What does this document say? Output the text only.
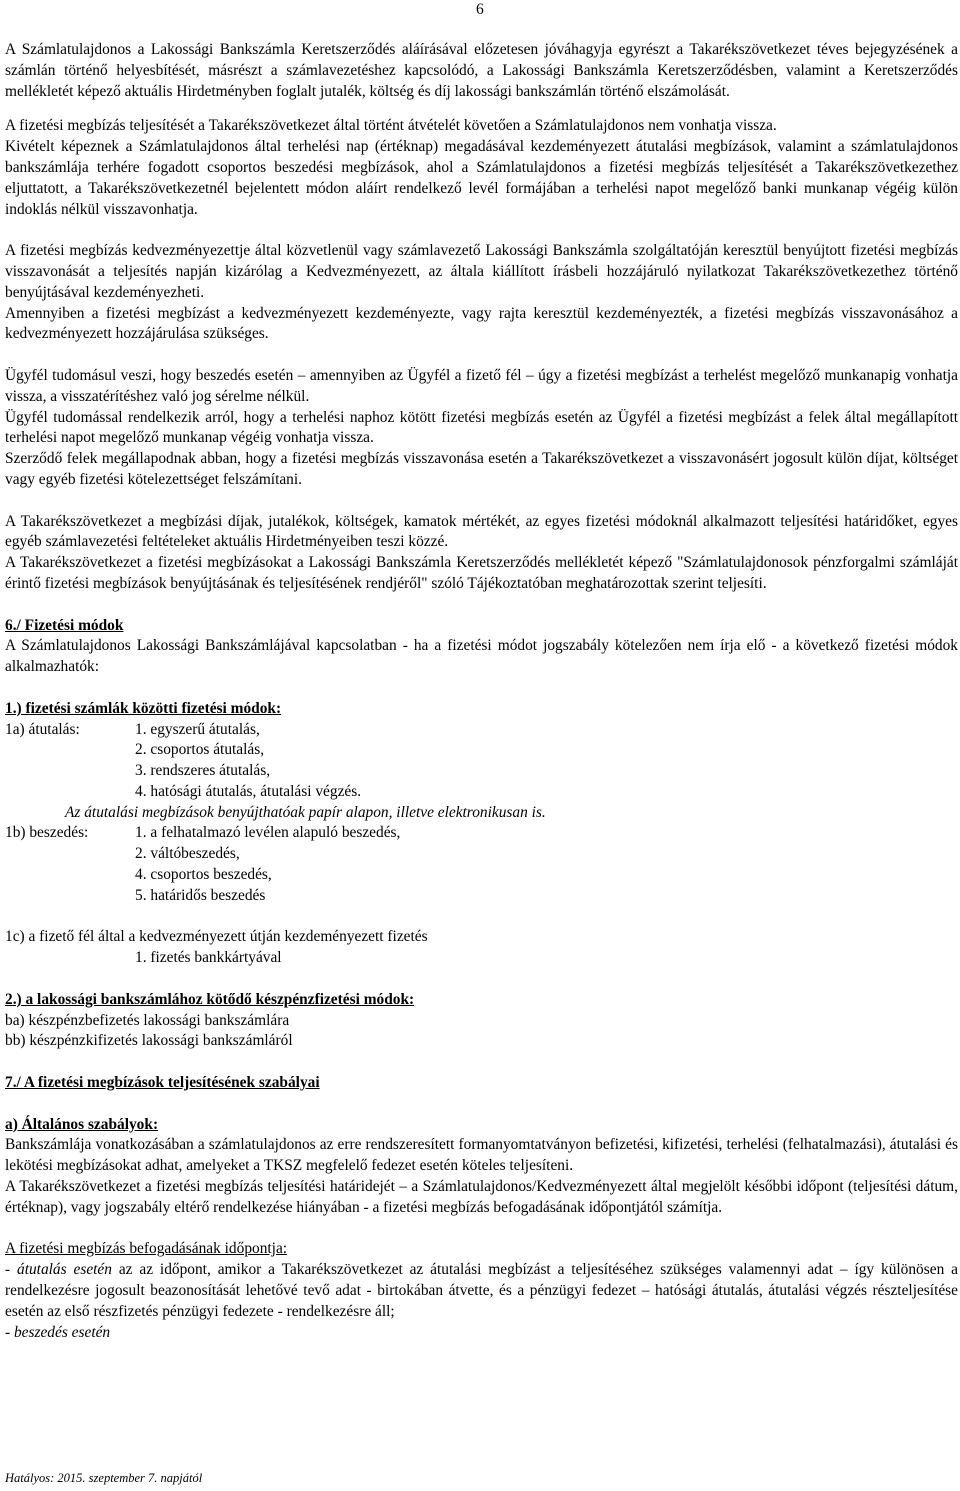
6

A Számlatulajdonos a Lakossági Bankszámla Keretszerződés aláírásával előzetesen jóváhagyja egyrészt a Takarékszövetkezet téves bejegyzésének a számlán történő helyesbítését, másrészt a számlavezetéshez kapcsolódó, a Lakossági Bankszámla Keretszerződésben, valamint a Keretszerződés mellékletét képező aktuális Hirdetményben foglalt jutalék, költség és díj lakossági bankszámlán történő elszámolását.

A fizetési megbízás teljesítését a Takarékszövetkezet által történt átvételét követően a Számlatulajdonos nem vonhatja vissza.

Kivételt képeznek a Számlatulajdonos által terhelési nap (értéknap) megadásával kezdeményezett átutalási megbízások, valamint a számlatulajdonos bankszámlája terhére fogadott csoportos beszedési megbízások, ahol a Számlatulajdonos a fizetési megbízás teljesítését a Takarékszövetkezethez eljuttatott, a Takarékszövetkezetnél bejelentett módon aláírt rendelkező levél formájában a terhelési napot megelőző banki munkanap végéig külön indoklás nélkül visszavonhatja.

A fizetési megbízás kedvezményezettje által közvetlenül vagy számlavezető Lakossági Bankszámla szolgáltatóján keresztül benyújtott fizetési megbízás visszavonását a teljesítés napján kizárólag a Kedvezményezett, az általa kiállított írásbeli hozzájáruló nyilatkozat Takarékszövetkezethez történő benyújtásával kezdeményezheti.

Amennyiben a fizetési megbízást a kedvezményezett kezdeményezte, vagy rajta keresztül kezdeményezték, a fizetési megbízás visszavonásához a kedvezményezett hozzájárulása szükséges.

Ügyfél tudomásul veszi, hogy beszedés esetén – amennyiben az Ügyfél a fizető fél – úgy a fizetési megbízást a terhelést megelőző munkanapig vonhatja vissza, a visszatérítéshez való jog sérelme nélkül.

Ügyfél tudomással rendelkezik arról, hogy a terhelési naphoz kötött fizetési megbízás esetén az Ügyfél a fizetési megbízást a felek által megállapított terhelési napot megelőző munkanap végéig vonhatja vissza.

Szerződő felek megállapodnak abban, hogy a fizetési megbízás visszavonása esetén a Takarékszövetkezet a visszavonásért jogosult külön díjat, költséget vagy egyéb fizetési kötelezettséget felszámítani.

A Takarékszövetkezet a megbízási díjak, jutalékok, költségek, kamatok mértékét, az egyes fizetési módoknál alkalmazott teljesítési határidőket, egyes egyéb számlavezetési feltételeket aktuális Hirdetményeiben teszi közzé.

A Takarékszövetkezet a fizetési megbízásokat a Lakossági Bankszámla Keretszerződés mellékletét képező "Számlatulajdonosok pénzforgalmi számláját érintő fizetési megbízások benyújtásának és teljesítésének rendjéről" szóló Tájékoztatóban meghatározottak szerint teljesíti.

6./ Fizetési módok

A Számlatulajdonos Lakossági Bankszámlájával kapcsolatban - ha a fizetési módot jogszabály kötelezően nem írja elő - a következő fizetési módok alkalmazhatók:

1.) fizetési számlák közötti fizetési módok:

1a) átutalás:	1. egyszerű átutalás,
2. csoportos átutalás,
3. rendszeres átutalás,
4. hatósági átutalás, átutalási végzés.
Az átutalási megbízások benyújthatóak papír alapon, illetve elektronikusan is.
1b) beszedés:	1. a felhatalmazó levélen alapuló beszedés,
2. váltóbeszedés,
4. csoportos beszedés,
5. határidős beszedés
1c) a fizető fél által a kedvezményezett útján kezdeményezett fizetés
1. fizetés bankkártyával

2.) a lakossági bankszámlához kötődő készpénzfizetési módok:

ba) készpénzbefizetés lakossági bankszámlára
bb) készpénzkifizetés lakossági bankszámláról

7./ A fizetési megbízások teljesítésének szabályai

a) Általános szabályok:

Bankszámlája vonatkozásában a számlatulajdonos az erre rendszeresített formanyomtatványon befizetési, kifizetési, terhelési (felhatalmazási), átutalási és lekötési megbízásokat adhat, amelyeket a TKSZ megfelelő fedezet esetén köteles teljesíteni.

A Takarékszövetkezet a fizetési megbízás teljesítési határidejét – a Számlatulajdonos/Kedvezményezett által megjelölt későbbi időpont (teljesítési dátum, értéknap), vagy jogszabály eltérő rendelkezése hiányában - a fizetési megbízás befogadásának időpontjától számítja.

A fizetési megbízás befogadásának időpontja:

- átutalás esetén az az időpont, amikor a Takarékszövetkezet az átutalási megbízást a teljesítéséhez szükséges valamennyi adat – így különösen a rendelkezésre jogosult beazonosítását lehetővé tevő adat - birtokában átvette, és a pénzügyi fedezet – hatósági átutalás, átutalási végzés részteljesítése esetén az első részfizetés pénzügyi fedezete - rendelkezésre áll;

- beszedés esetén

Hatályos: 2015. szeptember 7. napjától
